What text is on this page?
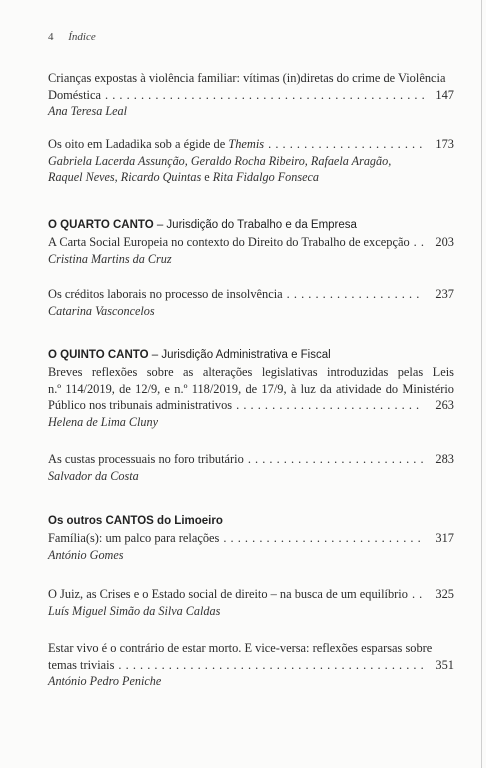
4 Índice
Crianças expostas à violência familiar: vítimas (in)diretas do crime de Violência
Doméstica . . .	147
Ana Teresa Leal
Os oito em Ladadika sob a égide de Themis . . .	173
Gabriela Lacerda Assunção, Geraldo Rocha Ribeiro, Rafaela Aragão,
Raquel Neves, Ricardo Quintas e Rita Fidalgo Fonseca
O QUARTO CANTO – Jurisdição do Trabalho e da Empresa
A Carta Social Europeia no contexto do Direito do Trabalho de excepção . . .	203
Cristina Martins da Cruz
Os créditos laborais no processo de insolvência . . .	237
Catarina Vasconcelos
O QUINTO CANTO – Jurisdição Administrativa e Fiscal
Breves reflexões sobre as alterações legislativas introduzidas pelas Leis
n.º 114/2019, de 12/9, e n.º 118/2019, de 17/9, à luz da atividade do Ministério
Público nos tribunais administrativos . . .	263
Helena de Lima Cluny
As custas processuais no foro tributário . . .	283
Salvador da Costa
Os outros CANTOS do Limoeiro
Família(s): um palco para relações . . .	317
António Gomes
O Juiz, as Crises e o Estado social de direito – na busca de um equilíbrio . . .	325
Luís Miguel Simão da Silva Caldas
Estar vivo é o contrário de estar morto. E vice-versa: reflexões esparsas sobre
temas triviais . . .	351
António Pedro Peniche
